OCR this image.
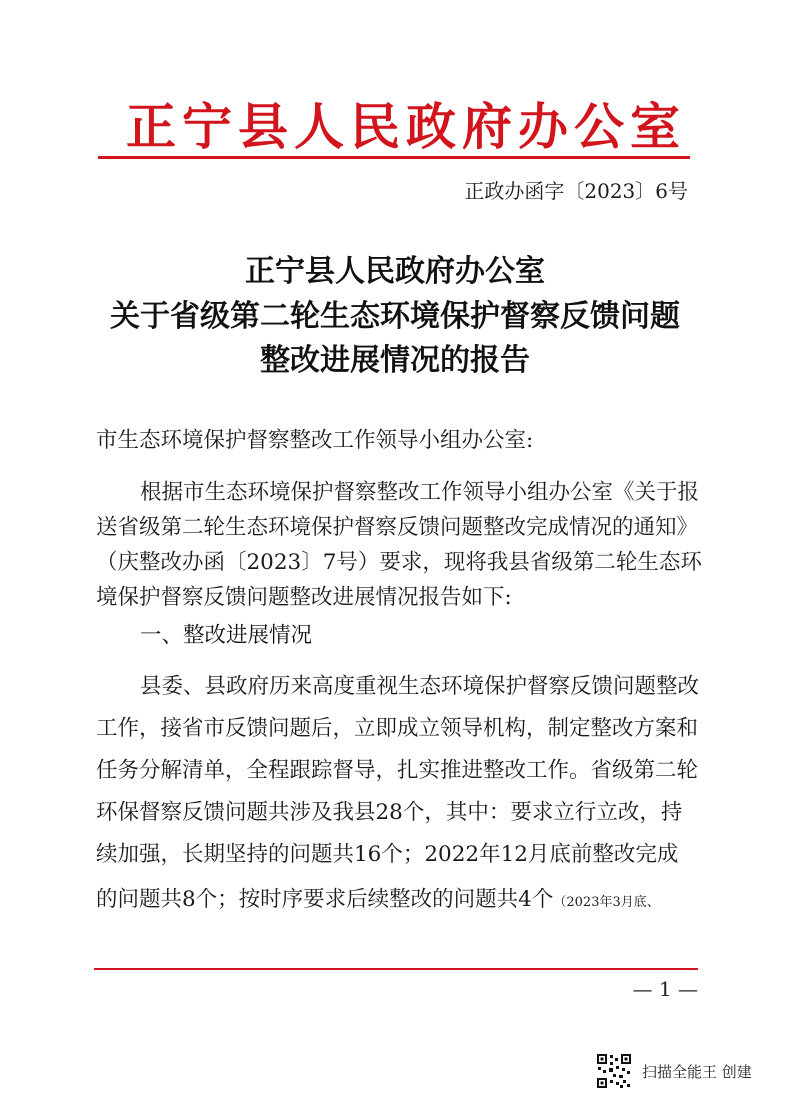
正宁县人民政府办公室
正政办函字〔2023〕6号
正宁县人民政府办公室
关于省级第二轮生态环境保护督察反馈问题
整改进展情况的报告
市生态环境保护督察整改工作领导小组办公室:
根据市生态环境保护督察整改工作领导小组办公室《关于报
送省级第二轮生态环境保护督察反馈问题整改完成情况的通知》
（庆整改办函〔2023〕7号）要求，现将我县省级第二轮生态环
境保护督察反馈问题整改进展情况报告如下:
一、整改进展情况
县委、县政府历来高度重视生态环境保护督察反馈问题整改
工作，接省市反馈问题后，立即成立领导机构，制定整改方案和
任务分解清单，全程跟踪督导，扎实推进整改工作。省级第二轮
环保督察反馈问题共涉及我县28个，其中：要求立行立改，持
续加强，长期坚持的问题共16个；2022年12月底前整改完成
的问题共8个；按时序要求后续整改的问题共4个（2023年3月底、
— 1 —
扫描全能王 创建
